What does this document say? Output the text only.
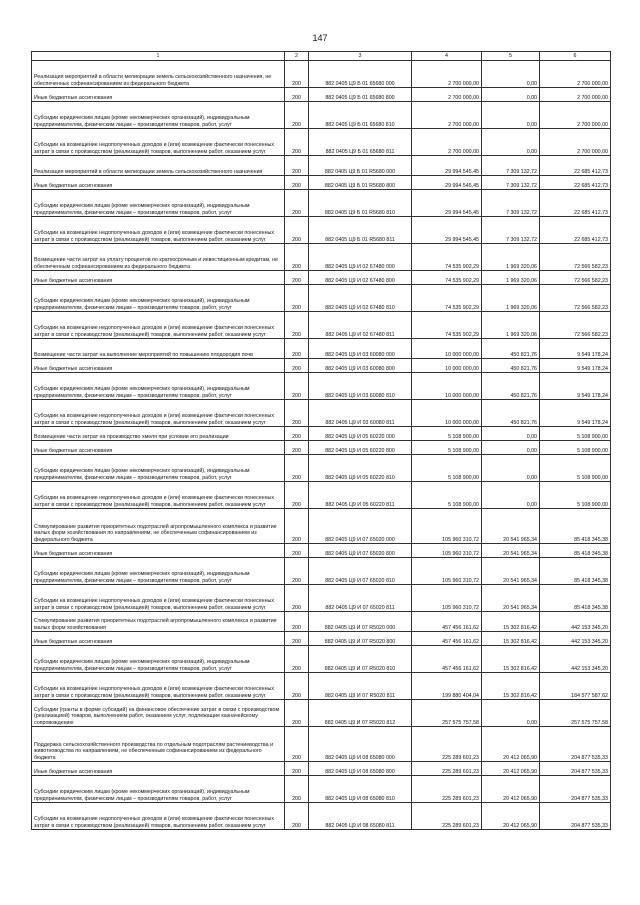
147
1	2	3	4	5	6
Реализация мероприятий в области мелиорации земель сельскохозяйственного назначения, не обеспеченных софинансированием из федерального бюджета	200	882 0405 Ц9 Б 01 65680 000	2 700 000,00	0,00	2 700 000,00
Иные бюджетные ассигнования	200	882 0405 Ц9 Б 01 65680 800	2 700 000,00	0,00	2 700 000,00
Субсидии юридическим лицам (кроме некоммерческих организаций), индивидуальным предпринимателям, физическим лицам – производителям товаров, работ, услуг	200	882 0405 Ц9 Б 01 65680 810	2 700 000,00	0,00	2 700 000,00
Субсидии на возмещение недополученных доходов и (или) возмещение фактически понесенных затрат в связи с производством (реализацией) товаров, выполнением работ, оказанием услуг	200	882 0405 Ц9 Б 01 65680 811	2 700 000,00	0,00	2 700 000,00
Реализация мероприятий в области мелиорации земель сельскохозяйственного назначения	200	882 0405 Ц9 Б 01 R5680 000	29 994 545,45	7 309 132,72	22 685 412,73
Иные бюджетные ассигнования	200	882 0405 Ц9 Б 01 R5680 800	29 994 545,45	7 309 132,72	22 685 412,73
Субсидии юридическим лицам (кроме некоммерческих организаций), индивидуальным предпринимателям, физическим лицам – производителям товаров, работ, услуг	200	882 0405 Ц9 Б 01 R5680 810	29 994 545,45	7 309 132,72	22 685 412,73
Субсидии на возмещение недополученных доходов и (или) возмещение фактически понесенных затрат в связи с производством (реализацией) товаров, выполнением работ, оказанием услуг	200	882 0405 Ц9 Б 01 R5680 811	29 994 545,45	7 309 132,72	22 685 412,73
Возмещение части затрат на уплату процентов по краткосрочным и инвестиционным кредитам, не обеспеченным софинансированием из федерального бюджета	200	882 0405 Ц9 И 02 67480 000	74 535 902,29	1 969 320,06	72 566 582,23
Иные бюджетные ассигнования	200	882 0405 Ц9 И 02 67480 800	74 535 902,29	1 969 320,06	72 566 582,23
Субсидии юридическим лицам (кроме некоммерческих организаций), индивидуальным предпринимателям, физическим лицам – производителям товаров, работ, услуг	200	882 0405 Ц9 И 02 67480 810	74 535 902,29	1 969 320,06	72 566 582,23
Субсидии на возмещение недополученных доходов и (или) возмещение фактически понесенных затрат в связи с производством (реализацией) товаров, выполнением работ, оказанием услуг	200	882 0405 Ц9 И 02 67480 811	74 535 902,29	1 969 320,06	72 566 582,23
Возмещение части затрат на выполнение мероприятий по повышению плодородия почв	200	882 0405 Ц9 И 03 60080 000	10 000 000,00	450 821,76	9 549 178,24
Иные бюджетные ассигнования	200	882 0405 Ц9 И 03 60080 800	10 000 000,00	450 821,76	9 549 178,24
Субсидии юридическим лицам (кроме некоммерческих организаций), индивидуальным предпринимателям, физическим лицам – производителям товаров, работ, услуг	200	882 0405 Ц9 И 03 60080 810	10 000 000,00	450 821,76	9 549 178,24
Субсидии на возмещение недополученных доходов и (или) возмещение фактически понесенных затрат в связи с производством (реализацией) товаров, выполнением работ, оказанием услуг	200	882 0405 Ц9 И 03 60080 811	10 000 000,00	450 821,76	9 549 178,24
Возмещение части затрат на производство хмеля при условии его реализации	200	882 0405 Ц9 И 05 60220 000	5 108 900,00	0,00	5 108 900,00
Иные бюджетные ассигнования	200	882 0405 Ц9 И 05 60220 800	5 108 900,00	0,00	5 108 900,00
Субсидии юридическим лицам (кроме некоммерческих организаций), индивидуальным предпринимателям, физическим лицам – производителям товаров, работ, услуг	200	882 0405 Ц9 И 05 60220 810	5 108 900,00	0,00	5 108 900,00
Субсидии на возмещение недополученных доходов и (или) возмещение фактически понесенных затрат в связи с производством (реализацией) товаров, выполнением работ, оказанием услуг	200	882 0405 Ц9 И 05 60220 811	5 108 900,00	0,00	5 108 900,00
Стимулирование развития приоритетных подотраслей агропромышленного комплекса и развитие малых форм хозяйствования по направлениям, не обеспеченным софинансированием из федерального бюджета	200	882 0405 Ц9 И 07 65020 000	105 960 310,72	20 541 965,34	85 418 345,38
Иные бюджетные ассигнования	200	882 0405 Ц9 И 07 65020 800	105 960 310,72	20 541 965,34	85 418 345,38
Субсидии юридическим лицам (кроме некоммерческих организаций), индивидуальным предпринимателям, физическим лицам – производителям товаров, работ, услуг	200	882 0405 Ц9 И 07 65020 810	105 960 310,72	20 541 965,34	85 418 345,38
Субсидии на возмещение недополученных доходов и (или) возмещение фактически понесенных затрат в связи с производством (реализацией) товаров, выполнением работ, оказанием услуг	200	882 0405 Ц9 И 07 65020 811	105 960 310,72	20 541 965,34	85 418 345,38
Стимулирование развития приоритетных подотраслей агропромышленного комплекса и развитие малых форм хозяйствования	200	882 0405 Ц9 И 07 R5020 000	457 456 161,62	15 302 816,42	442 153 345,20
Иные бюджетные ассигнования	200	882 0405 Ц9 И 07 R5020 800	457 456 161,62	15 302 816,42	442 153 345,20
Субсидии юридическим лицам (кроме некоммерческих организаций), индивидуальным предпринимателям, физическим лицам – производителям товаров, работ, услуг	200	882 0405 Ц9 И 07 R5020 810	457 456 161,62	15 302 816,42	442 153 345,20
Субсидии на возмещение недополученных доходов и (или) возмещение фактически понесенных затрат в связи с производством (реализацией) товаров, выполнением работ, оказанием услуг	200	882 0405 Ц9 И 07 R5020 811	199 880 404,04	15 302 816,42	184 577 587,62
Субсидии (гранты в форме субсидий) на финансовое обеспечение затрат в связи с производством (реализацией) товаров, выполнением работ, оказанием услуг, подлежащие казначейскому сопровождению	200	882 0405 Ц9 И 07 R5020 812	257 575 757,58	0,00	257 575 757,58
Поддержка сельскохозяйственного производства по отдельным подотраслям растениеводства и животноводства по направлениям, не обеспеченным софинансированием из федерального бюджета	200	882 0405 Ц9 И 08 65080 000	225 289 601,23	20 412 065,90	204 877 535,33
Иные бюджетные ассигнования	200	882 0405 Ц9 И 08 65080 800	225 289 601,23	20 412 065,90	204 877 535,33
Субсидии юридическим лицам (кроме некоммерческих организаций), индивидуальным предпринимателям, физическим лицам – производителям товаров, работ, услуг	200	882 0405 Ц9 И 08 65080 810	225 289 601,23	20 412 065,90	204 877 535,33
Субсидии на возмещение недополученных доходов и (или) возмещение фактически понесенных затрат в связи с производством (реализацией) товаров, выполнением работ, оказанием услуг	200	882 0405 Ц9 И 08 65080 811	225 289 601,23	20 412 065,90	204 877 535,33
